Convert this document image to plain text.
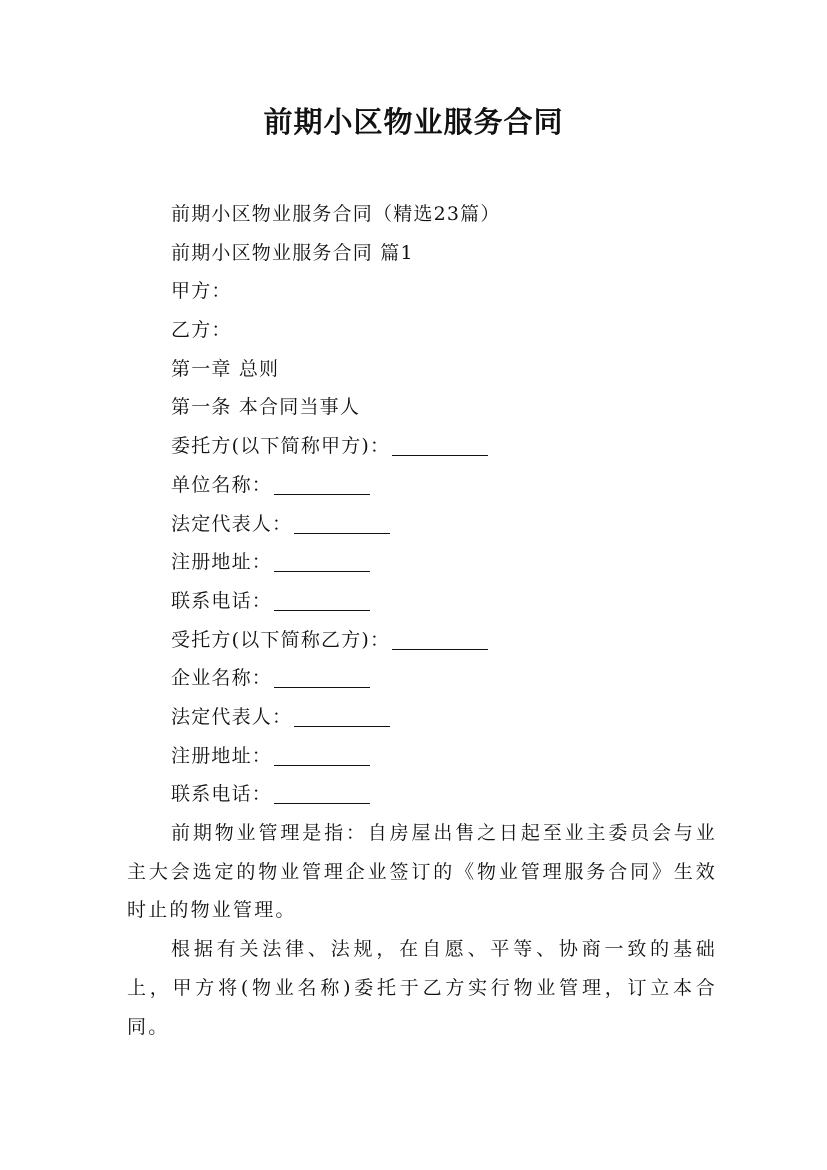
前期小区物业服务合同
前期小区物业服务合同（精选23篇）
前期小区物业服务合同 篇1
甲方：
乙方：
第一章 总则
第一条 本合同当事人
委托方(以下简称甲方)：
单位名称：
法定代表人：
注册地址：
联系电话：
受托方(以下简称乙方)：
企业名称：
法定代表人：
注册地址：
联系电话：
前期物业管理是指：自房屋出售之日起至业主委员会与业主大会选定的物业管理企业签订的《物业管理服务合同》生效时止的物业管理。
根据有关法律、法规，在自愿、平等、协商一致的基础上，甲方将(物业名称)委托于乙方实行物业管理，订立本合同。
